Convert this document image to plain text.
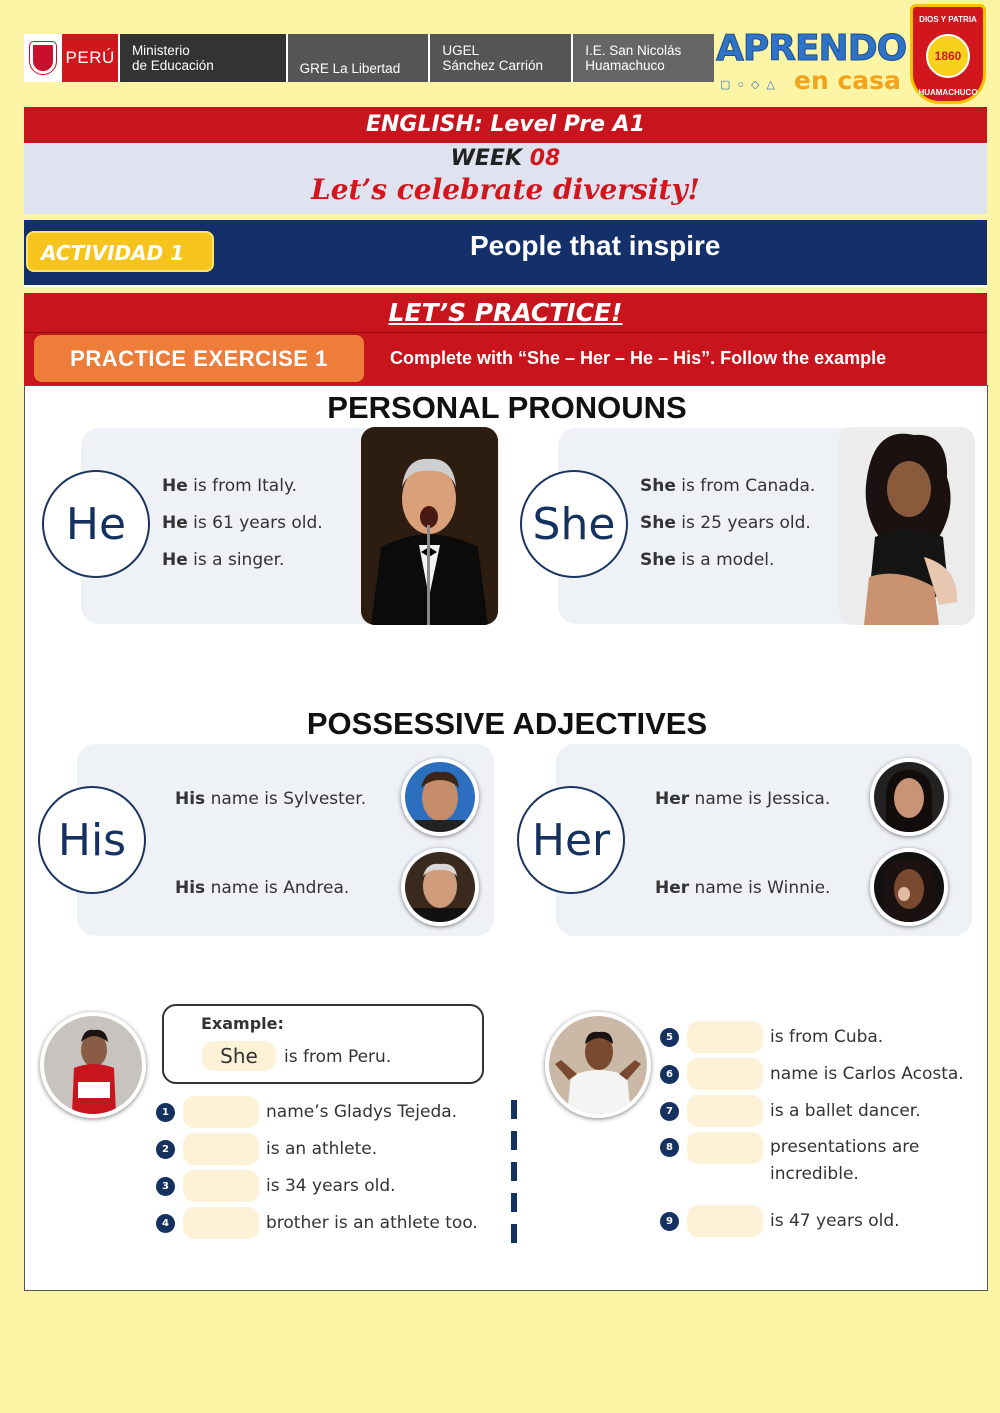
PERÚ Ministerio
de Educación	GRE La Libertad
UGEL
Sánchez Carrión
I.E. San Nicolás
Huamachuco	APRENDO
▢○◇△ en casa
DIOS Y PATRIA
1860
HUAMACHUCO
ENGLISH: Level Pre A1
WEEK 08
Let’s celebrate diversity!
ACTIVIDAD 1	People that inspire
LET’S PRACTICE!
PRACTICE EXERCISE 1	Complete with “She – Her – He – His”. Follow the example
PERSONAL PRONOUNS
He
He is from Italy.
He is 61 years old.
He is a singer.
She
She is from Canada.
She is 25 years old.
She is a model.
POSSESSIVE ADJECTIVES
His
His name is Sylvester.
His name is Andrea.
Her
Her name is Jessica.
Her name is Winnie.
Example:
She	is from Peru.
1	name’s Gladys Tejeda.
2	is an athlete.
3	is 34 years old.
4	brother is an athlete too.
5	is from Cuba.
6	name is Carlos Acosta.
7	is a ballet dancer.
8	presentations are incredible.
9	is 47 years old.
